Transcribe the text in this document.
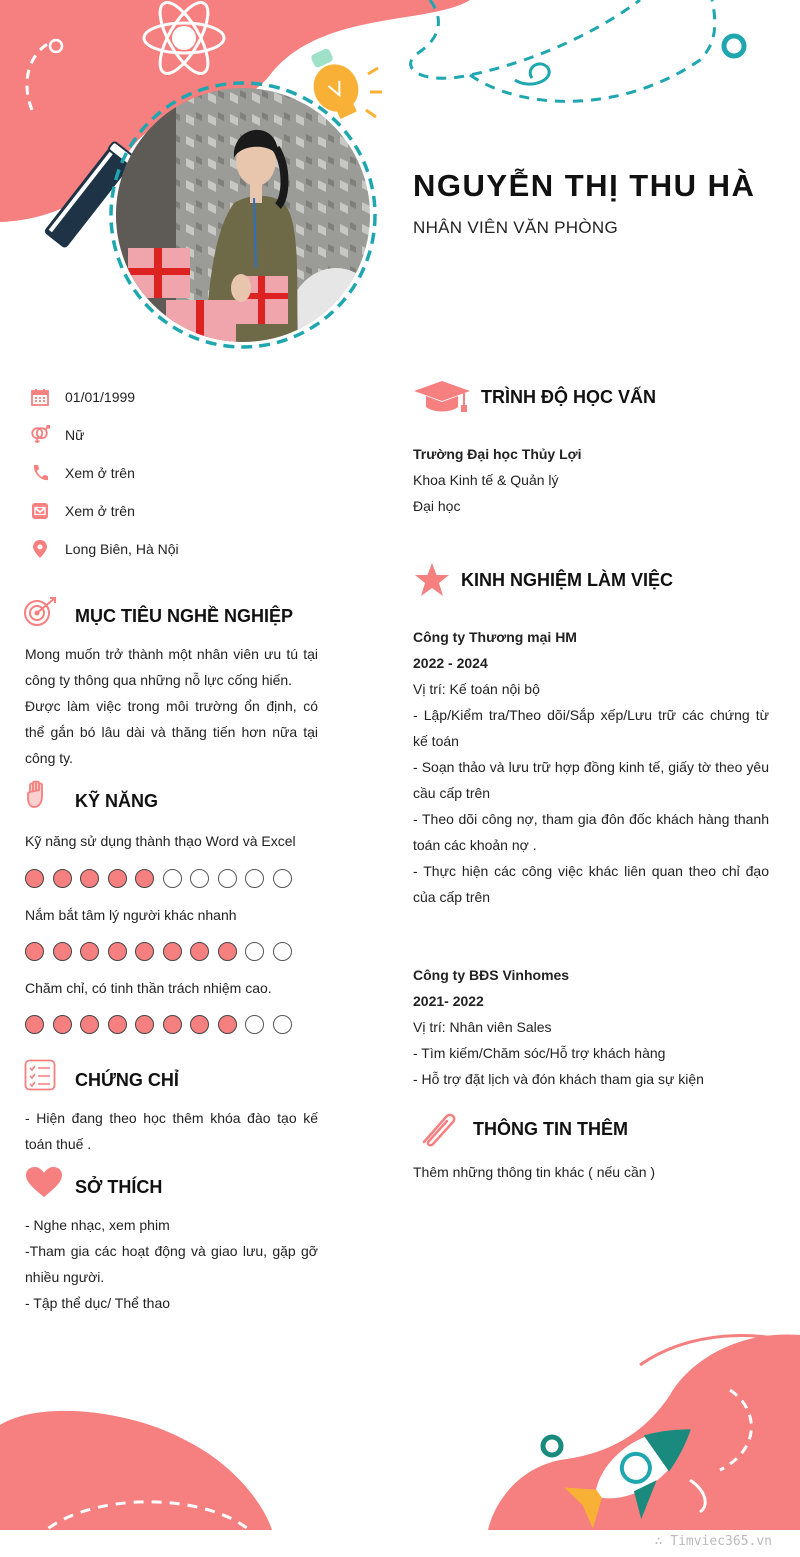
NGUYỄN THỊ THU HÀ
NHÂN VIÊN VĂN PHÒNG
01/01/1999
Nữ
Xem ở trên
Xem ở trên
Long Biên, Hà Nội
MỤC TIÊU NGHỀ NGHIỆP

Mong muốn trở thành một nhân viên ưu tú tại công ty thông qua những nỗ lực cống hiến.

Được làm việc trong môi trường ổn định, có thể gắn bó lâu dài và thăng tiến hơn nữa tại công ty.

KỸ NĂNG
Kỹ năng sử dụng thành thạo Word và Excel
Nắm bắt tâm lý người khác nhanh
Chăm chỉ, có tinh thần trách nhiệm cao.
CHỨNG CHỈ
- Hiện đang theo học thêm khóa đào tạo kế toán thuế .
SỞ THÍCH

- Nghe nhạc, xem phim

-Tham gia các hoạt động và giao lưu, gặp gỡ nhiều người.

- Tập thể dục/ Thể thao

TRÌNH ĐỘ HỌC VẤN

Trường Đại học Thủy Lợi

Khoa Kinh tế & Quản lý

Đại học

KINH NGHIỆM LÀM VIỆC

Công ty Thương mại HM

2022 - 2024

Vị trí: Kế toán nội bộ

- Lập/Kiểm tra/Theo dõi/Sắp xếp/Lưu trữ các chứng từ kế toán

- Soạn thảo và lưu trữ hợp đồng kinh tế, giấy tờ theo yêu cầu cấp trên

- Theo dõi công nợ, tham gia đôn đốc khách hàng thanh toán các khoản nợ .

- Thực hiện các công việc khác liên quan theo chỉ đạo của cấp trên

Công ty BĐS Vinhomes

2021- 2022

Vị trí: Nhân viên Sales

- Tìm kiếm/Chăm sóc/Hỗ trợ khách hàng

- Hỗ trợ đặt lịch và đón khách tham gia sự kiện

THÔNG TIN THÊM
Thêm những thông tin khác ( nếu cần )
∴ Timviec365.vn
